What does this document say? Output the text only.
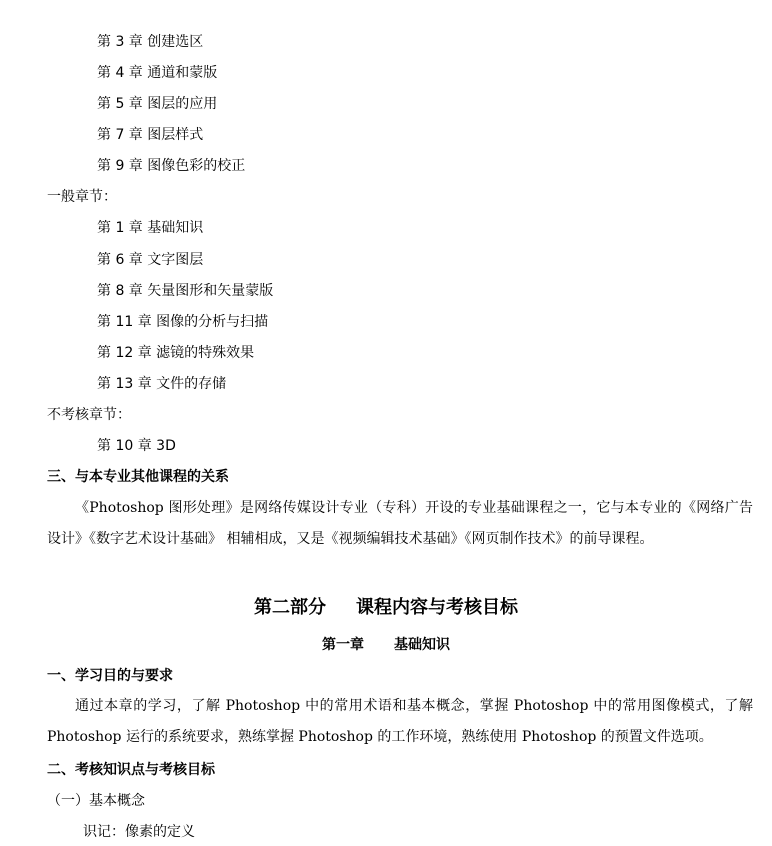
第 3 章 创建选区
第 4 章 通道和蒙版
第 5 章 图层的应用
第 7 章 图层样式
第 9 章 图像色彩的校正
一般章节：
第 1 章 基础知识
第 6 章 文字图层
第 8 章 矢量图形和矢量蒙版
第 11 章 图像的分析与扫描
第 12 章 滤镜的特殊效果
第 13 章 文件的存储
不考核章节：
第 10 章 3D
三、与本专业其他课程的关系
《Photoshop 图形处理》是网络传媒设计专业（专科）开设的专业基础课程之一，它与本专业的《网络广告设计》《数字艺术设计基础》 相辅相成，又是《视频编辑技术基础》《网页制作技术》的前导课程。
第二部分 课程内容与考核目标
第一章 基础知识
一、学习目的与要求
通过本章的学习，了解 Photoshop 中的常用术语和基本概念，掌握 Photoshop 中的常用图像模式，了解 Photoshop 运行的系统要求，熟练掌握 Photoshop 的工作环境，熟练使用 Photoshop 的预置文件选项。
二、考核知识点与考核目标
（一）基本概念
识记：像素的定义
